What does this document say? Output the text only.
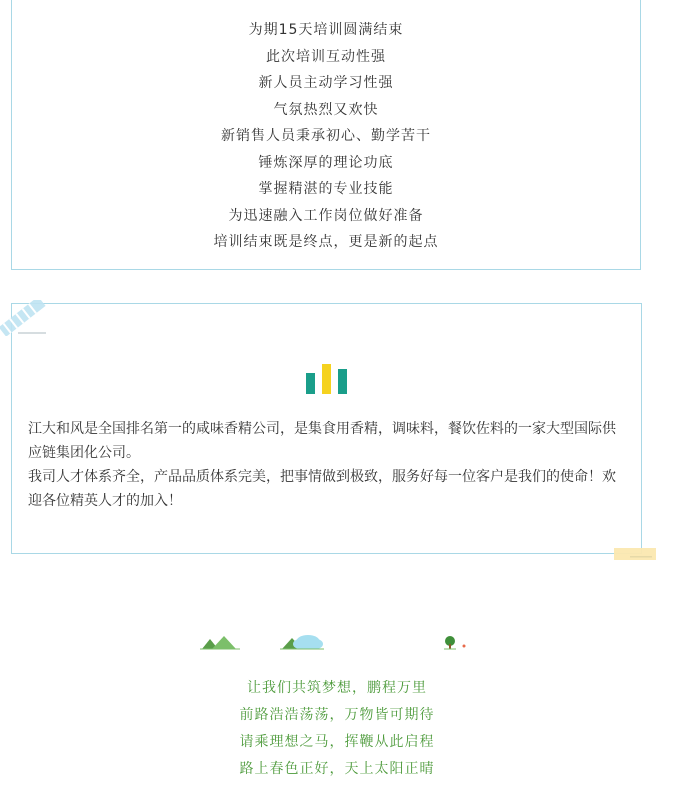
为期15天培训圆满结束
此次培训互动性强
新人员主动学习性强
气氛热烈又欢快
新销售人员秉承初心、勤学苦干
锤炼深厚的理论功底
掌握精湛的专业技能
为迅速融入工作岗位做好准备
培训结束既是终点，更是新的起点

江大和风是全国排名第一的咸味香精公司，是集食用香精，调味料，餐饮佐料的一家大型国际供应链集团化公司。

我司人才体系齐全，产品品质体系完美，把事情做到极致，服务好每一位客户是我们的使命！欢迎各位精英人才的加入！

让我们共筑梦想，鹏程万里
前路浩浩荡荡，万物皆可期待
请乘理想之马，挥鞭从此启程
路上春色正好，天上太阳正晴
